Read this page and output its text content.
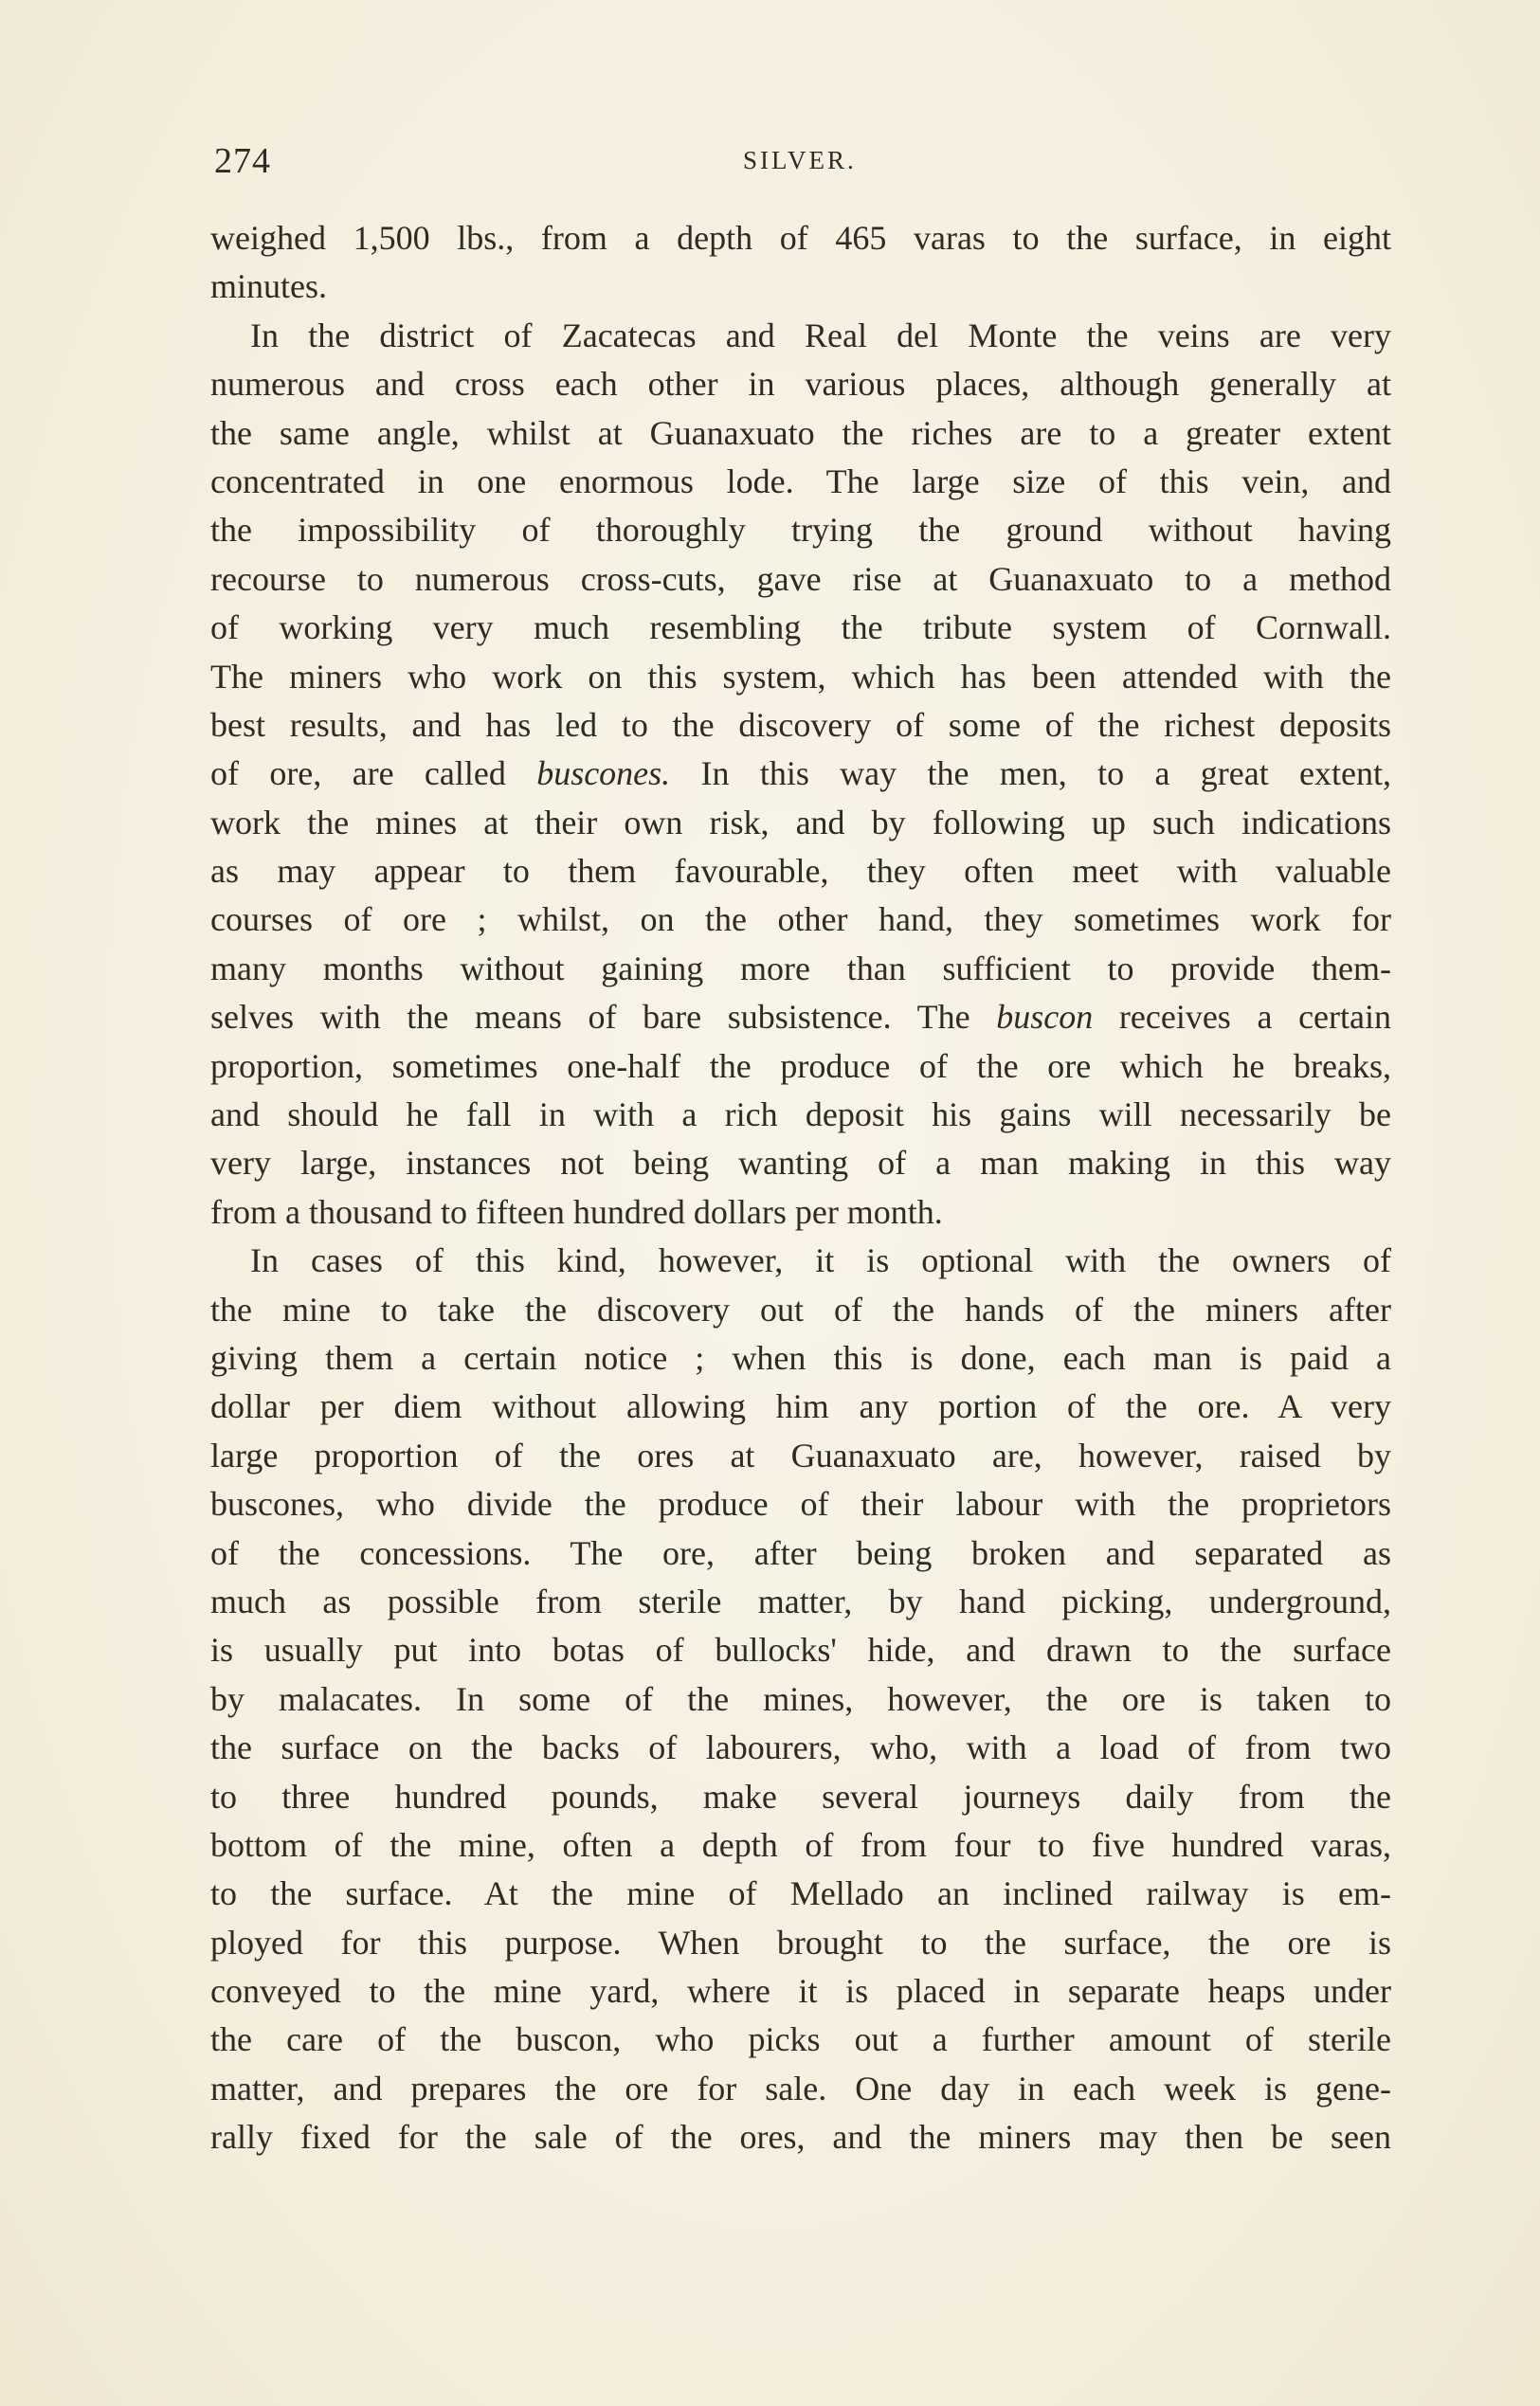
274	SILVER.
weighed 1,500 lbs., from a depth of 465 varas to the surface, in eight
minutes.
In the district of Zacatecas and Real del Monte the veins are very
numerous and cross each other in various places, although generally at
the same angle, whilst at Guanaxuato the riches are to a greater extent
concentrated in one enormous lode. The large size of this vein, and
the impossibility of thoroughly trying the ground without having
recourse to numerous cross-cuts, gave rise at Guanaxuato to a method
of working very much resembling the tribute system of Cornwall.
The miners who work on this system, which has been attended with the
best results, and has led to the discovery of some of the richest deposits
of ore, are called buscones. In this way the men, to a great extent,
work the mines at their own risk, and by following up such indications
as may appear to them favourable, they often meet with valuable
courses of ore ; whilst, on the other hand, they sometimes work for
many months without gaining more than sufficient to provide them-
selves with the means of bare subsistence. The buscon receives a certain
proportion, sometimes one-half the produce of the ore which he breaks,
and should he fall in with a rich deposit his gains will necessarily be
very large, instances not being wanting of a man making in this way
from a thousand to fifteen hundred dollars per month.
In cases of this kind, however, it is optional with the owners of
the mine to take the discovery out of the hands of the miners after
giving them a certain notice ; when this is done, each man is paid a
dollar per diem without allowing him any portion of the ore. A very
large proportion of the ores at Guanaxuato are, however, raised by
buscones, who divide the produce of their labour with the proprietors
of the concessions. The ore, after being broken and separated as
much as possible from sterile matter, by hand picking, underground,
is usually put into botas of bullocks' hide, and drawn to the surface
by malacates. In some of the mines, however, the ore is taken to
the surface on the backs of labourers, who, with a load of from two
to three hundred pounds, make several journeys daily from the
bottom of the mine, often a depth of from four to five hundred varas,
to the surface. At the mine of Mellado an inclined railway is em-
ployed for this purpose. When brought to the surface, the ore is
conveyed to the mine yard, where it is placed in separate heaps under
the care of the buscon, who picks out a further amount of sterile
matter, and prepares the ore for sale. One day in each week is gene-
rally fixed for the sale of the ores, and the miners may then be seen
